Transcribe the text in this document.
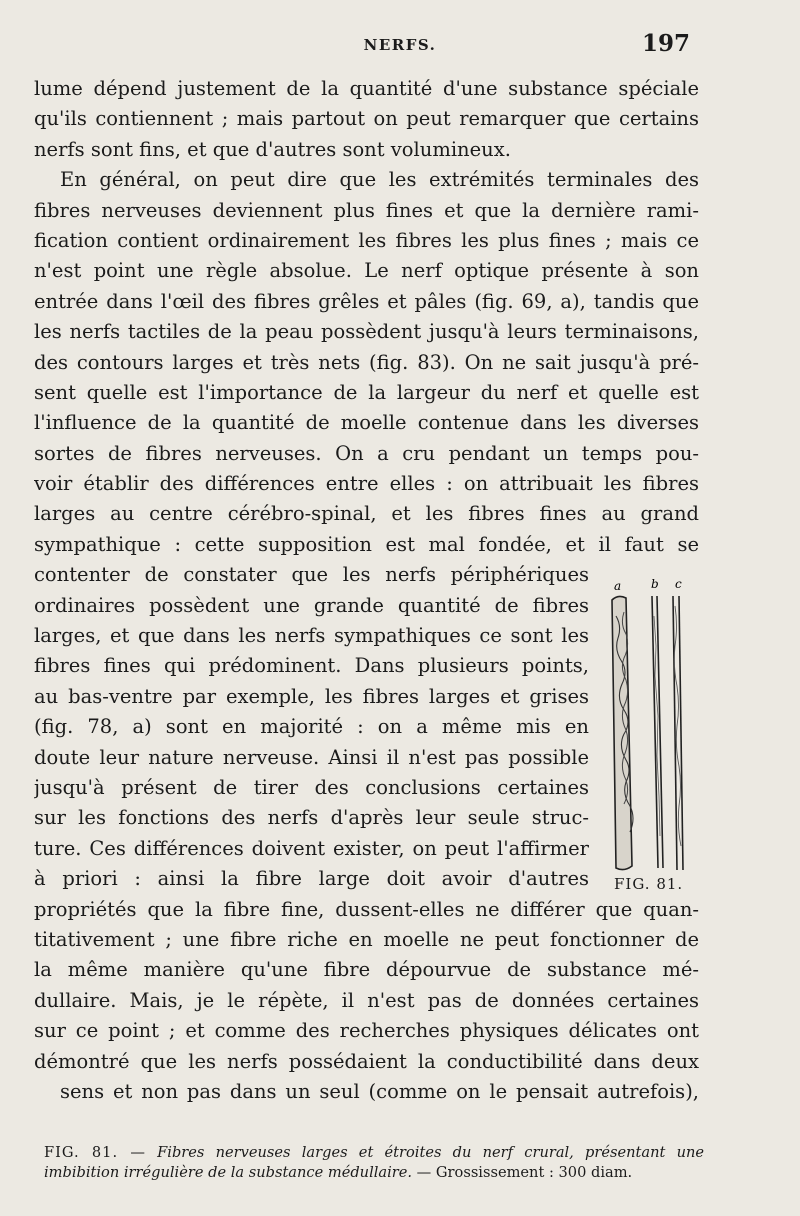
NERFS.	197
lume dépend justement de la quantité d'une substance spéciale
qu'ils contiennent ; mais partout on peut remarquer que certains
nerfs sont fins, et que d'autres sont volumineux.
En général, on peut dire que les extrémités terminales des
fibres nerveuses deviennent plus fines et que la dernière rami-
fication contient ordinairement les fibres les plus fines ; mais ce
n'est point une règle absolue. Le nerf optique présente à son
entrée dans l'œil des fibres grêles et pâles (fig. 69, a), tandis que
les nerfs tactiles de la peau possèdent jusqu'à leurs terminaisons,
des contours larges et très nets (fig. 83). On ne sait jusqu'à pré-
sent quelle est l'importance de la largeur du nerf et quelle est
l'influence de la quantité de moelle contenue dans les diverses
sortes de fibres nerveuses. On a cru pendant un temps pou-
voir établir des différences entre elles : on attribuait les fibres
larges au centre cérébro-spinal, et les fibres fines au grand
sympathique : cette supposition est mal fondée, et il faut se
contenter de constater que les nerfs périphériques
ordinaires possèdent une grande quantité de fibres
larges, et que dans les nerfs sympathiques ce sont les
fibres fines qui prédominent. Dans plusieurs points,
au bas-ventre par exemple, les fibres larges et grises
(fig. 78, a) sont en majorité : on a même mis en
doute leur nature nerveuse. Ainsi il n'est pas possible
jusqu'à présent de tirer des conclusions certaines
sur les fonctions des nerfs d'après leur seule struc-
ture. Ces différences doivent exister, on peut l'affirmer
à priori : ainsi la fibre large doit avoir d'autres
propriétés que la fibre fine, dussent-elles ne différer que quan-
titativement ; une fibre riche en moelle ne peut fonctionner de
la même manière qu'une fibre dépourvue de substance mé-
dullaire. Mais, je le répète, il n'est pas de données certaines
sur ce point ; et comme des recherches physiques délicates ont
démontré que les nerfs possédaient la conductibilité dans deux
sens et non pas dans un seul (comme on le pensait autrefois),
a b c
FIG. 81.
FIG. 81. — Fibres nerveuses larges et étroites du nerf crural, présentant une
imbibition irrégulière de la substance médullaire. — Grossissement : 300 diam.
